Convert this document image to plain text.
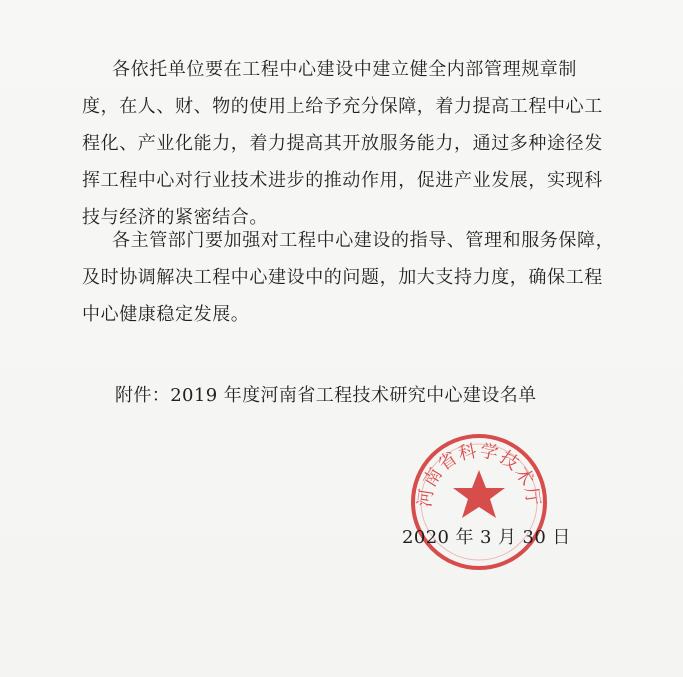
各依托单位要在工程中心建设中建立健全内部管理规章制
度，在人、财、物的使用上给予充分保障，着力提高工程中心工
程化、产业化能力，着力提高其开放服务能力，通过多种途径发
挥工程中心对行业技术进步的推动作用，促进产业发展，实现科
技与经济的紧密结合。
各主管部门要加强对工程中心建设的指导、管理和服务保障，
及时协调解决工程中心建设中的问题，加大支持力度，确保工程
中心健康稳定发展。
附件：2019 年度河南省工程技术研究中心建设名单
河南省科学技术厅
2020 年 3 月 30 日
